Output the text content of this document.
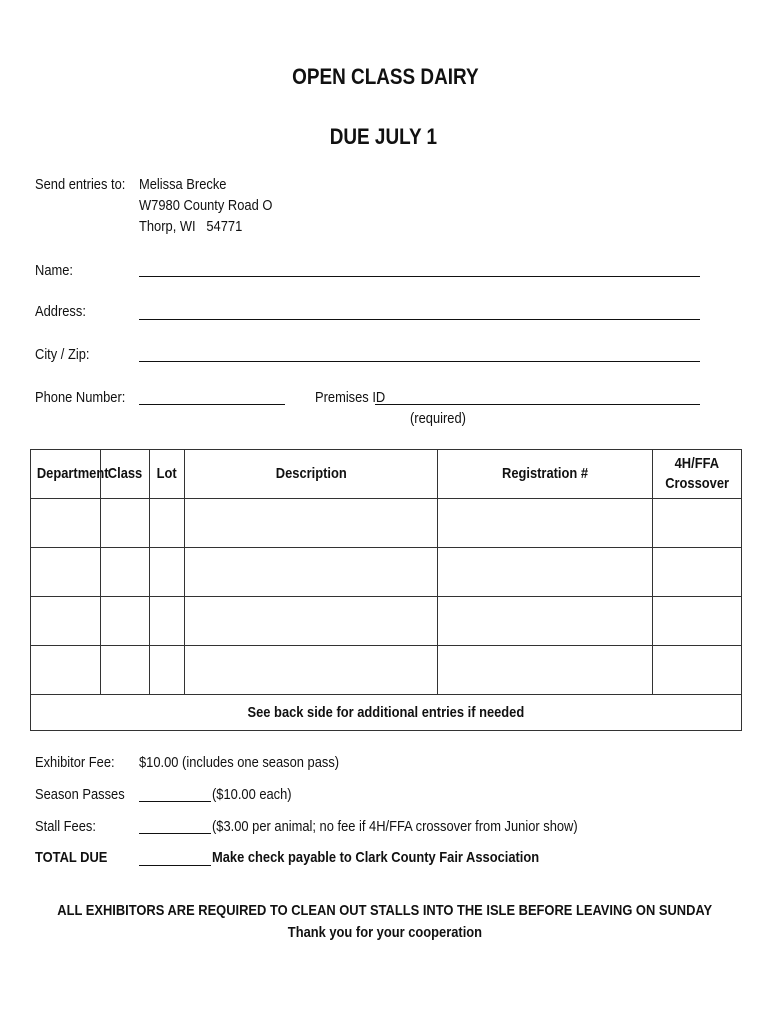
OPEN CLASS DAIRY
DUE JULY 1
Send entries to: Melissa Brecke
W7980 County Road O
Thorp, WI   54771
Name:
Address:
City / Zip:
Phone Number:	Premises ID
(required)
Department	Class	Lot	Description	Registration #	4H/FFA
Crossover

See back side for additional entries if needed					
Exhibitor Fee:	$10.00 (includes one season pass)
Season Passes	($10.00 each)
Stall Fees:	($3.00 per animal; no fee if 4H/FFA crossover from Junior show)
TOTAL DUE	Make check payable to Clark County Fair Association
ALL EXHIBITORS ARE REQUIRED TO CLEAN OUT STALLS INTO THE ISLE BEFORE LEAVING ON SUNDAY
Thank you for your cooperation
